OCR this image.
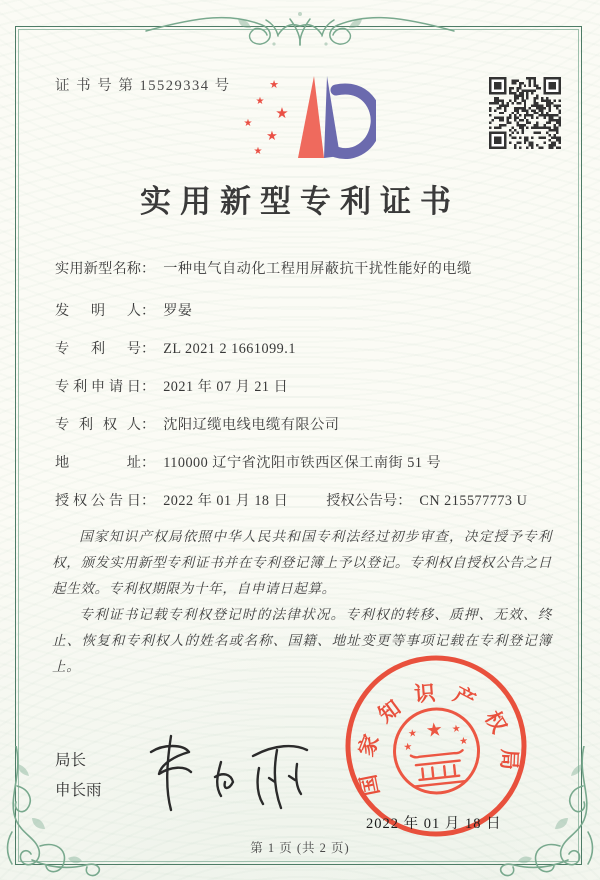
证 书 号 第 15529334 号	★
★
★
★
★
★
实用新型专利证书
实用新型名称 ： 一种电气自动化工程用屏蔽抗干扰性能好的电缆
发明人 ： 罗晏
专利号 ： ZL 2021 2 1661099.1
专利申请日 ： 2021 年 07 月 21 日
专利权人 ： 沈阳辽缆电线电缆有限公司
地址 ： 110000 辽宁省沈阳市铁西区保工南街 51 号
授权公告日 ： 2022 年 01 月 18 日	授权公告号 ： CN 215577773 U

国家知识产权局依照中华人民共和国专利法经过初步审查，决定授予专利权，颁发实用新型专利证书并在专利登记簿上予以登记。专利权自授权公告之日起生效。专利权期限为十年，自申请日起算。

专利证书记载专利权登记时的法律状况。专利权的转移、质押、无效、终止、恢复和专利权人的姓名或名称、国籍、地址变更等事项记载在专利登记簿上。

局长
申长雨	国家知识产权局
★
★	★
★	★
2022 年 01 月 18 日
第 1 页 (共 2 页)
